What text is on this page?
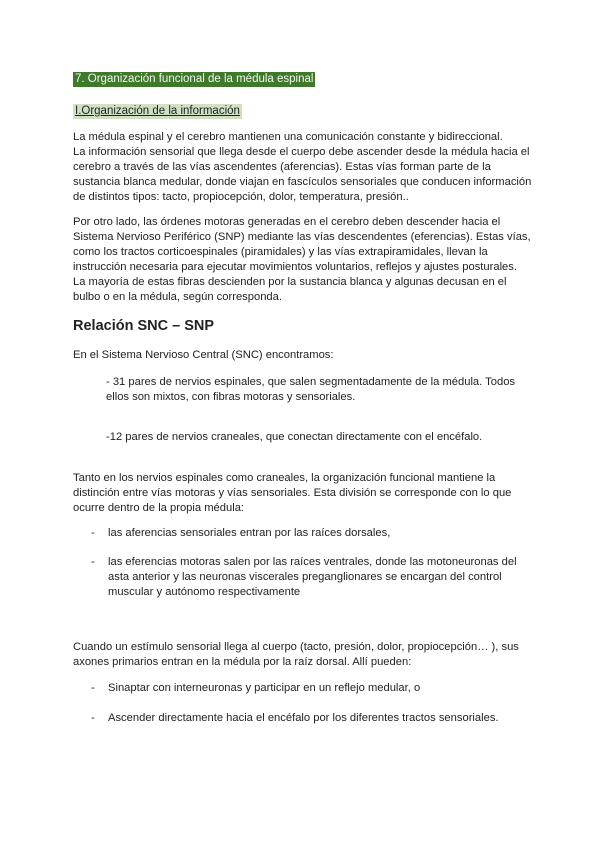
7. Organización funcional de la médula espinal
I.Organización de la información

La médula espinal y el cerebro mantienen una comunicación constante y bidireccional.

La información sensorial que llega desde el cuerpo debe ascender desde la médula hacia el

cerebro a través de las vías ascendentes (aferencias). Estas vías forman parte de la

sustancia blanca medular, donde viajan en fascículos sensoriales que conducen información

de distintos tipos: tacto, propiocepción, dolor, temperatura, presión..

Por otro lado, las órdenes motoras generadas en el cerebro deben descender hacia el

Sistema Nervioso Periférico (SNP) mediante las vías descendentes (eferencias). Estas vías,

como los tractos corticoespinales (piramidales) y las vías extrapiramidales, llevan la

instrucción necesaria para ejecutar movimientos voluntarios, reflejos y ajustes posturales.

La mayoría de estas fibras descienden por la sustancia blanca y algunas decusan en el

bulbo o en la médula, según corresponda.

Relación SNC – SNP

En el Sistema Nervioso Central (SNC) encontramos:

- 31 pares de nervios espinales, que salen segmentadamente de la médula. Todos

ellos son mixtos, con fibras motoras y sensoriales.

-12 pares de nervios craneales, que conectan directamente con el encéfalo.

Tanto en los nervios espinales como craneales, la organización funcional mantiene la

distinción entre vías motoras y vías sensoriales. Esta división se corresponde con lo que

ocurre dentro de la propia médula:

- las aferencias sensoriales entran por las raíces dorsales,

- las eferencias motoras salen por las raíces ventrales, donde las motoneuronas del

asta anterior y las neuronas viscerales preganglionares se encargan del control

muscular y autónomo respectivamente

Cuando un estímulo sensorial llega al cuerpo (tacto, presión, dolor, propiocepción… ), sus

axones primarios entran en la médula por la raíz dorsal. Allí pueden:

- Sinaptar con interneuronas y participar en un reflejo medular, o

- Ascender directamente hacia el encéfalo por los diferentes tractos sensoriales.
